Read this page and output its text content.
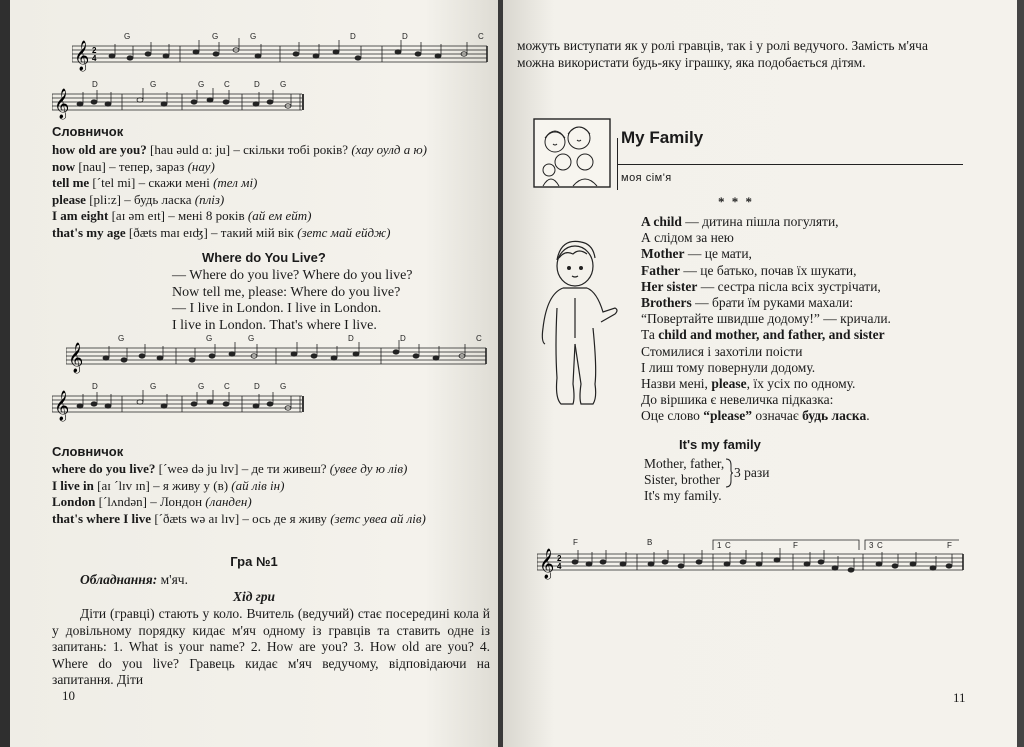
𝄞 2
4
G	G	G	D	D	C
𝄞
D	G	G C	D	G
Словничок
how old are you? [hau ǝuld ɑ: ju] – скільки тобі років? (хау оулд а ю)
now [nau] – тепер, зараз (нау)
tell me [´tel mi] – скажи мені (тел мі)
please [pli:z] – будь ласка (пліз)
I am eight [aɪ ǝm eɪt] – мені 8 років (ай ем ейт)
that's my age [ðæts maɪ eɪʤ] – такий мій вік (зетс май ейдж)
Where do You Live?
— Where do you live? Where do you live?
Now tell me, please: Where do you live?
— I live in London. I live in London.
I live in London. That's where I live.
𝄞
G	G	G	D	D	C
𝄞
D	G	G C	D	G
Словничок
where do you live? [´weǝ dǝ ju lɪv] – де ти живеш? (увее ду ю лів)
I live in [aɪ ´lɪv ɪn] – я живу у (в) (ай лів ін)
London [´lʌndǝn] – Лондон (ланден)
that's where I live [´ðæts wǝ aɪ lɪv] – ось де я живу (зетс увеа ай лів)
Гра №1
Обладнання: м'яч.
Хід гри
Діти (гравці) стають у коло. Вчитель (ведучий) стає посередині кола й у довільному порядку кидає м'яч одному із гравців та ставить одне із запитань: 1. What is your name? 2. How are you? 3. How old are you? 4. Where do you live? Гравець кидає м'яч ведучому, відповідаючи на запитання. Діти
10
можуть виступати як у ролі гравців, так і у ролі ведучого. Замість м'яча
можна використати будь-яку іграшку, яка подобається дітям.
My Family
моя сім'я
* * *
A child — дитина пішла погуляти,
А слідом за нею
Mother — це мати,
Father — це батько, почав їх шукати,
Her sister — сестра післа всіх зустрічати,
Brothers — брати їм руками махали:
“Повертайте швидше додому!” — кричали.
Та child and mother, and father, and sister
Стомилися і захотіли поісти
І лиш тому повернули додому.
Назви мені, please, їх усіх по одному.
До віршика є невеличка підказка:
Оце слово “please” означає будь ласка.
It's my family
Mother, father,
Sister, brother
It's my family.
3 рази
𝄞 2
4
F	B	1 C	F	3 C	F
11
